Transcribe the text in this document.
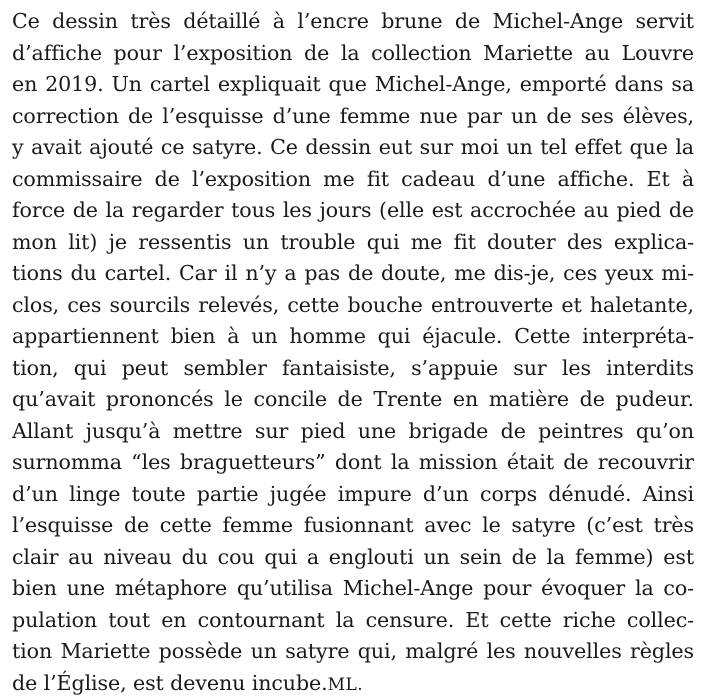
Ce dessin très détaillé à l’encre brune de Michel-Ange servit
d’affiche pour l’exposition de la collection Mariette au Louvre
en 2019. Un cartel expliquait que Michel-Ange, emporté dans sa
correction de l’esquisse d’une femme nue par un de ses élèves,
y avait ajouté ce satyre. Ce dessin eut sur moi un tel effet que la
commissaire de l’exposition me fit cadeau d’une affiche. Et à
force de la regarder tous les jours (elle est accrochée au pied de
mon lit) je ressentis un trouble qui me fit douter des explica-
tions du cartel. Car il n’y a pas de doute, me dis-je, ces yeux mi-
clos, ces sourcils relevés, cette bouche entrouverte et haletante,
appartiennent bien à un homme qui éjacule. Cette interpréta-
tion, qui peut sembler fantaisiste, s’appuie sur les interdits
qu’avait prononcés le concile de Trente en matière de pudeur.
Allant jusqu’à mettre sur pied une brigade de peintres qu’on
surnomma “les braguetteurs” dont la mission était de recouvrir
d’un linge toute partie jugée impure d’un corps dénudé. Ainsi
l’esquisse de cette femme fusionnant avec le satyre (c’est très
clair au niveau du cou qui a englouti un sein de la femme) est
bien une métaphore qu’utilisa Michel-Ange pour évoquer la co-
pulation tout en contournant la censure. Et cette riche collec-
tion Mariette possède un satyre qui, malgré les nouvelles règles
de l’Église, est devenu incube.ML.
